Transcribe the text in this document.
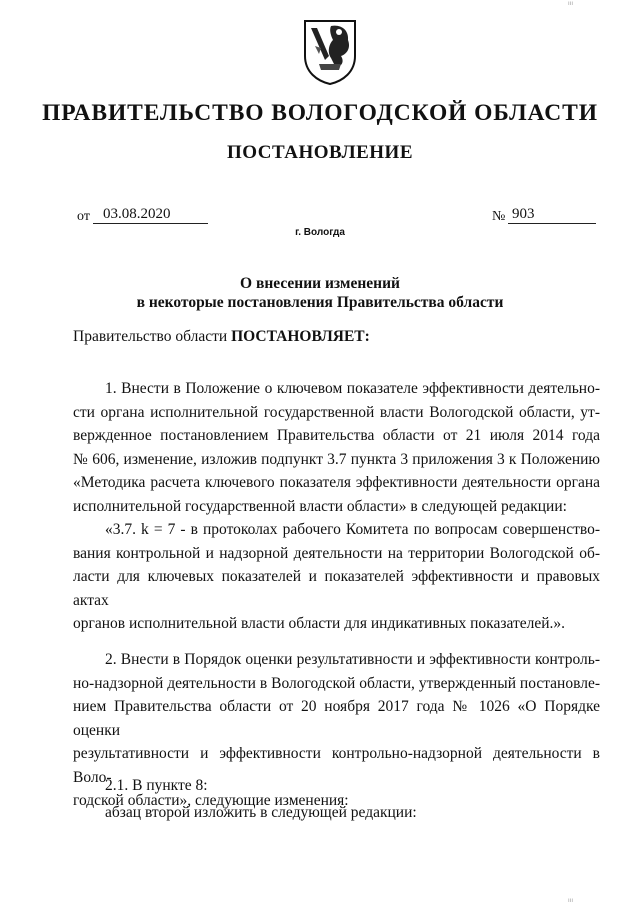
ııı
ПРАВИТЕЛЬСТВО ВОЛОГОДСКОЙ ОБЛАСТИ
ПОСТАНОВЛЕНИЕ
от 03.08.2020	№ 903
г. Вологда
О внесении изменений
в некоторые постановления Правительства области
Правительство области ПОСТАНОВЛЯЕТ:
1. Внести в Положение о ключевом показателе эффективности деятельно-
сти органа исполнительной государственной власти Вологодской области, ут-
вержденное постановлением Правительства области от 21 июля 2014 года
№ 606, изменение, изложив подпункт 3.7 пункта 3 приложения 3 к Положению
«Методика расчета ключевого показателя эффективности деятельности органа
исполнительной государственной власти области» в следующей редакции:
«3.7. k = 7 - в протоколах рабочего Комитета по вопросам совершенство-
вания контрольной и надзорной деятельности на территории Вологодской об-
ласти для ключевых показателей и показателей эффективности и правовых актах
органов исполнительной власти области для индикативных показателей.».
2. Внести в Порядок оценки результативности и эффективности контроль-
но-надзорной деятельности в Вологодской области, утвержденный постановле-
нием Правительства области от 20 ноября 2017 года № 1026 «О Порядке оценки
результативности и эффективности контрольно-надзорной деятельности в Воло-
годской области», следующие изменения:
2.1. В пункте 8:
абзац второй изложить в следующей редакции:
ııı
